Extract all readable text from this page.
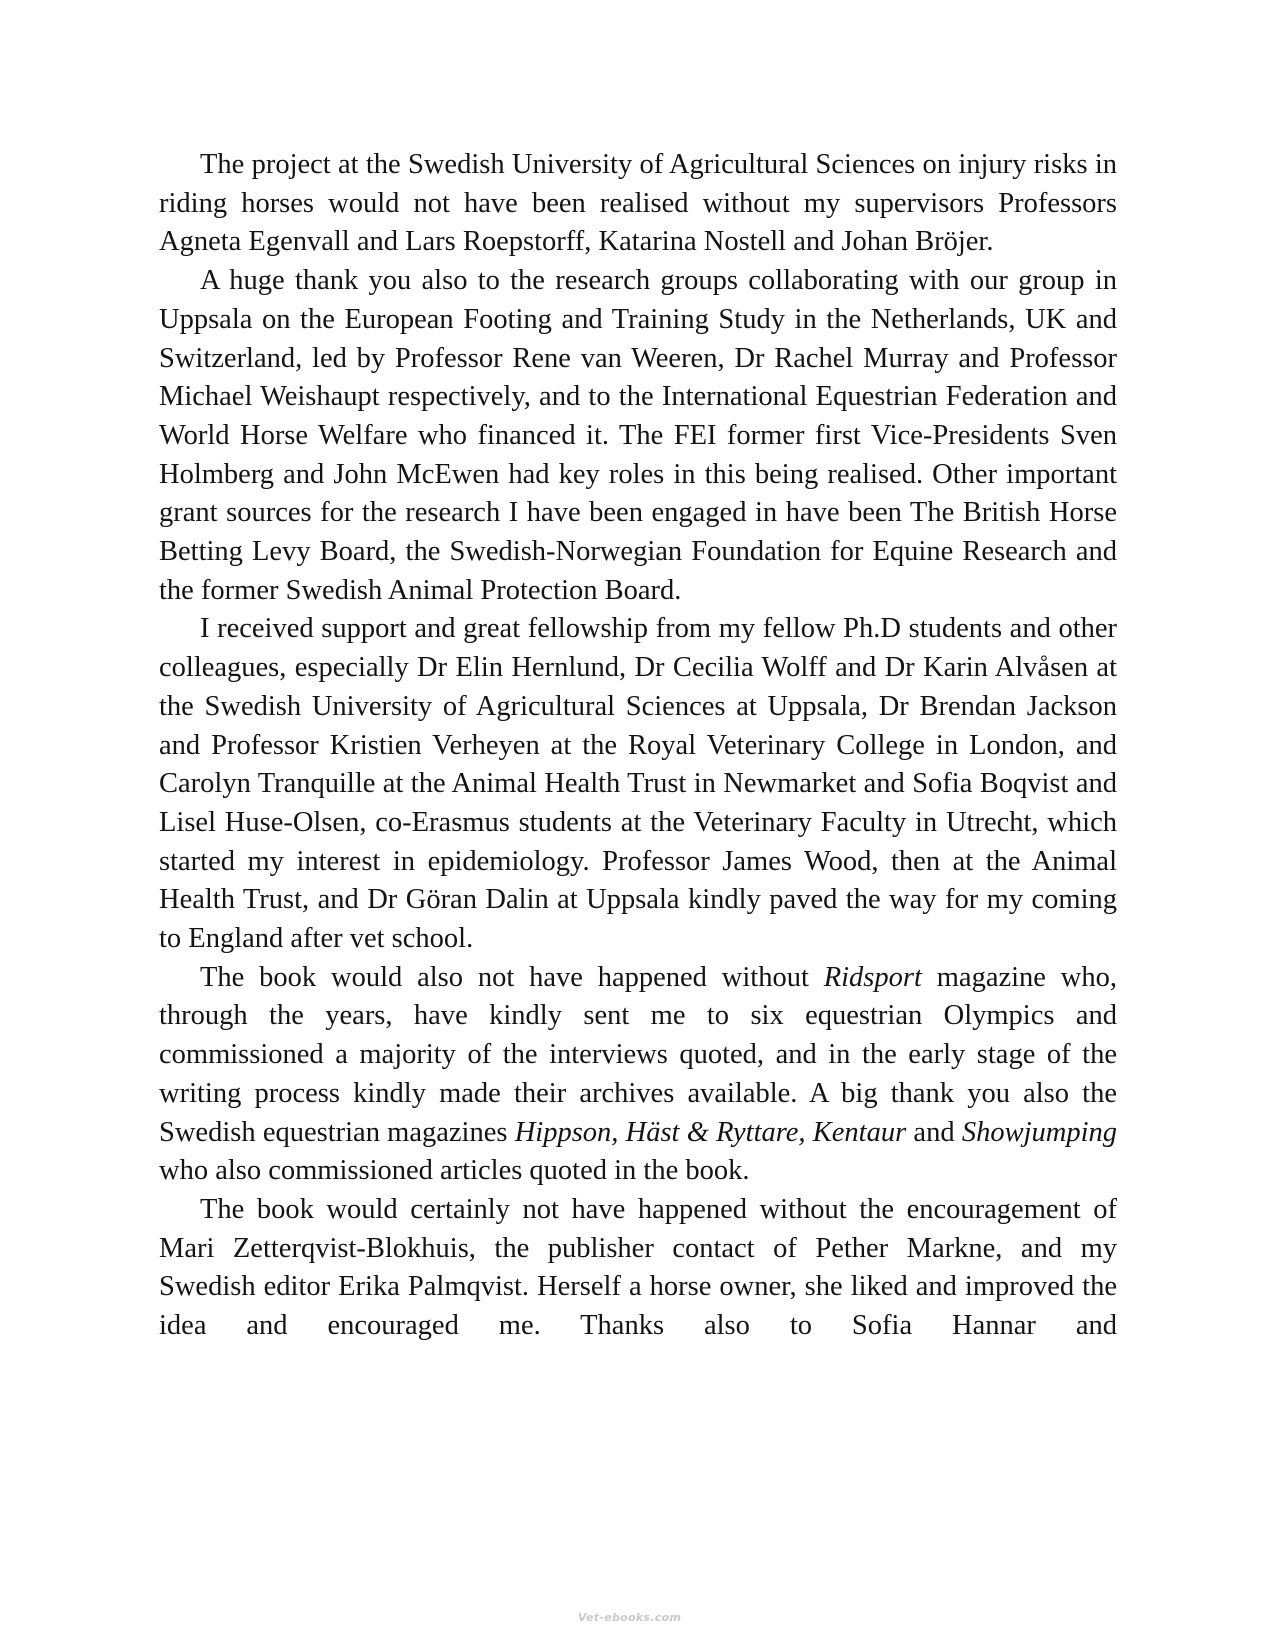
The project at the Swedish University of Agricultural Sciences on injury risks in riding horses would not have been realised without my supervisors Professors Agneta Egenvall and Lars Roepstorff, Katarina Nostell and Johan Bröjer.

A huge thank you also to the research groups collaborating with our group in Uppsala on the European Footing and Training Study in the Netherlands, UK and Switzerland, led by Professor Rene van Weeren, Dr Rachel Murray and Professor Michael Weishaupt respectively, and to the International Equestrian Federation and World Horse Welfare who financed it. The FEI former first Vice-Presidents Sven Holmberg and John McEwen had key roles in this being realised. Other important grant sources for the research I have been engaged in have been The British Horse Betting Levy Board, the Swedish-Norwegian Foundation for Equine Research and the former Swedish Animal Protection Board.

I received support and great fellowship from my fellow Ph.D students and other colleagues, especially Dr Elin Hernlund, Dr Cecilia Wolff and Dr Karin Alvåsen at the Swedish University of Agricultural Sciences at Uppsala, Dr Brendan Jackson and Professor Kristien Verheyen at the Royal Veterinary College in London, and Carolyn Tranquille at the Animal Health Trust in Newmarket and Sofia Boqvist and Lisel Huse-Olsen, co-Erasmus students at the Veterinary Faculty in Utrecht, which started my interest in epidemiology. Professor James Wood, then at the Animal Health Trust, and Dr Göran Dalin at Uppsala kindly paved the way for my coming to England after vet school.

The book would also not have happened without Ridsport magazine who, through the years, have kindly sent me to six equestrian Olympics and commissioned a majority of the interviews quoted, and in the early stage of the writing process kindly made their archives available. A big thank you also the Swedish equestrian magazines Hippson, Häst & Ryttare, Kentaur and Showjumping who also commissioned articles quoted in the book.

The book would certainly not have happened without the encouragement of Mari Zetterqvist-Blokhuis, the publisher contact of Pether Markne, and my Swedish editor Erika Palmqvist. Herself a horse owner, she liked and improved the idea and encouraged me. Thanks also to Sofia Hannar and

Vet-ebooks.com
